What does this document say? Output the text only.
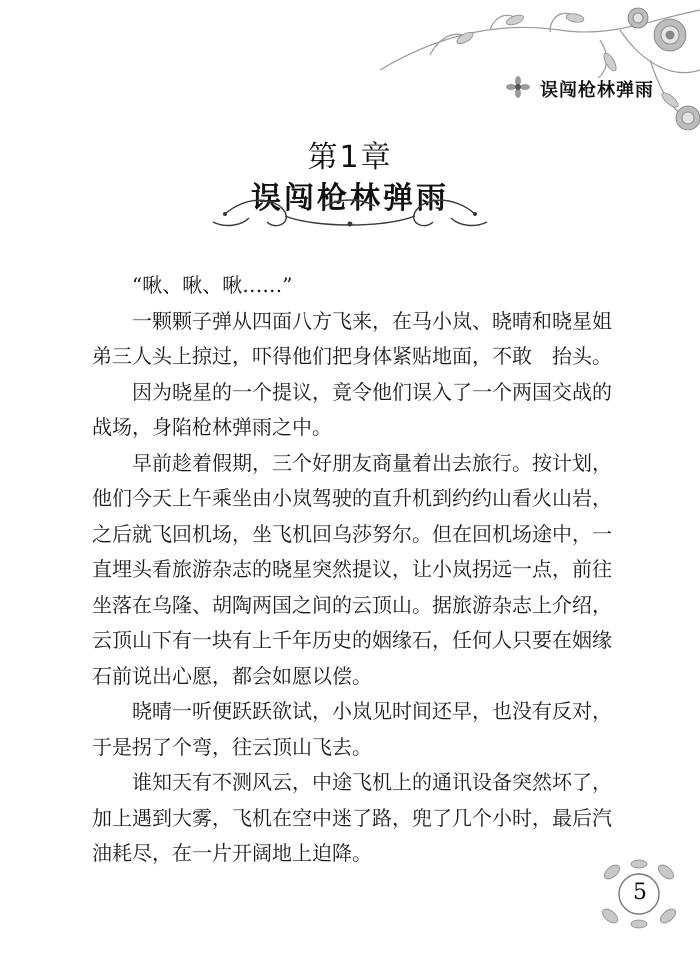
误闯枪林弹雨
第1章
误闯枪林弹雨

“啾、啾、啾……”

一颗颗子弹从四面八方飞来，在马小岚、晓晴和晓星姐弟三人头上掠过，吓得他们把身体紧贴地面，不敢　抬头。

因为晓星的一个提议，竟令他们误入了一个两国交战的战场，身陷枪林弹雨之中。

早前趁着假期，三个好朋友商量着出去旅行。按计划，他们今天上午乘坐由小岚驾驶的直升机到约约山看火山岩，之后就飞回机场，坐飞机回乌莎努尔。但在回机场途中，一直埋头看旅游杂志的晓星突然提议，让小岚拐远一点，前往坐落在乌隆、胡陶两国之间的云顶山。据旅游杂志上介绍，云顶山下有一块有上千年历史的姻缘石，任何人只要在姻缘石前说出心愿，都会如愿以偿。

晓晴一听便跃跃欲试，小岚见时间还早，也没有反对，于是拐了个弯，往云顶山飞去。

谁知天有不测风云，中途飞机上的通讯设备突然坏了，加上遇到大雾，飞机在空中迷了路，兜了几个小时，最后汽油耗尽，在一片开阔地上迫降。

5
